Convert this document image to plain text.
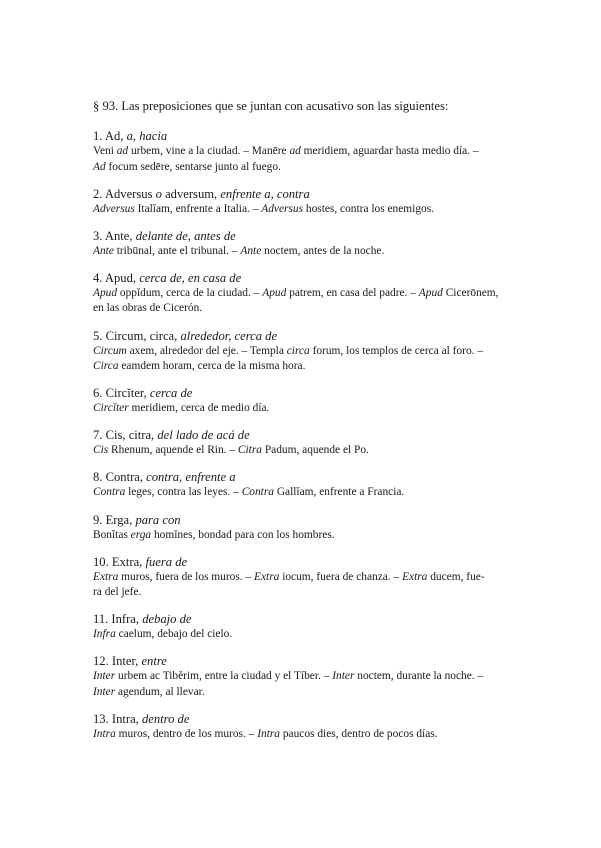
§ 93. Las preposiciones que se juntan con acusativo son las siguientes:

1. Ad, a, hacia
Veni ad urbem, vine a la ciudad. – Manēre ad meridiem, aguardar hasta medio día. –
Ad focum sedēre, sentarse junto al fuego.
2. Adversus o adversum, enfrente a, contra
Adversus Italĭam, enfrente a Italia. – Adversus hostes, contra los enemigos.
3. Ante, delante de, antes de
Ante tribūnal, ante el tribunal. – Ante noctem, antes de la noche.
4. Apud, cerca de, en casa de
Apud oppĭdum, cerca de la ciudad. – Apud patrem, en casa del padre. – Apud Cicerōnem,
en las obras de Cicerón.
5. Circum, circa, alrededor, cerca de
Circum axem, alrededor del eje. – Templa circa forum, los templos de cerca al foro. –
Circa eamdem horam, cerca de la misma hora.
6. Circĭter, cerca de
Circĭter meridiem, cerca de medio día.
7. Cis, citra, del lado de acá de
Cis Rhenum, aquende el Rin. – Citra Padum, aquende el Po.
8. Contra, contra, enfrente a
Contra leges, contra las leyes. – Contra Gallĭam, enfrente a Francia.
9. Erga, para con
Bonĭtas erga homĭnes, bondad para con los hombres.
10. Extra, fuera de
Extra muros, fuera de los muros. – Extra iocum, fuera de chanza. – Extra ducem, fue-
ra del jefe.
11. Infra, debajo de
Infra caelum, debajo del cielo.
12. Inter, entre
Inter urbem ac Tibĕrim, entre la ciudad y el Tíber. – Inter noctem, durante la noche. –
Inter agendum, al llevar.
13. Intra, dentro de
Intra muros, dentro de los muros. – Intra paucos dies, dentro de pocos días.
